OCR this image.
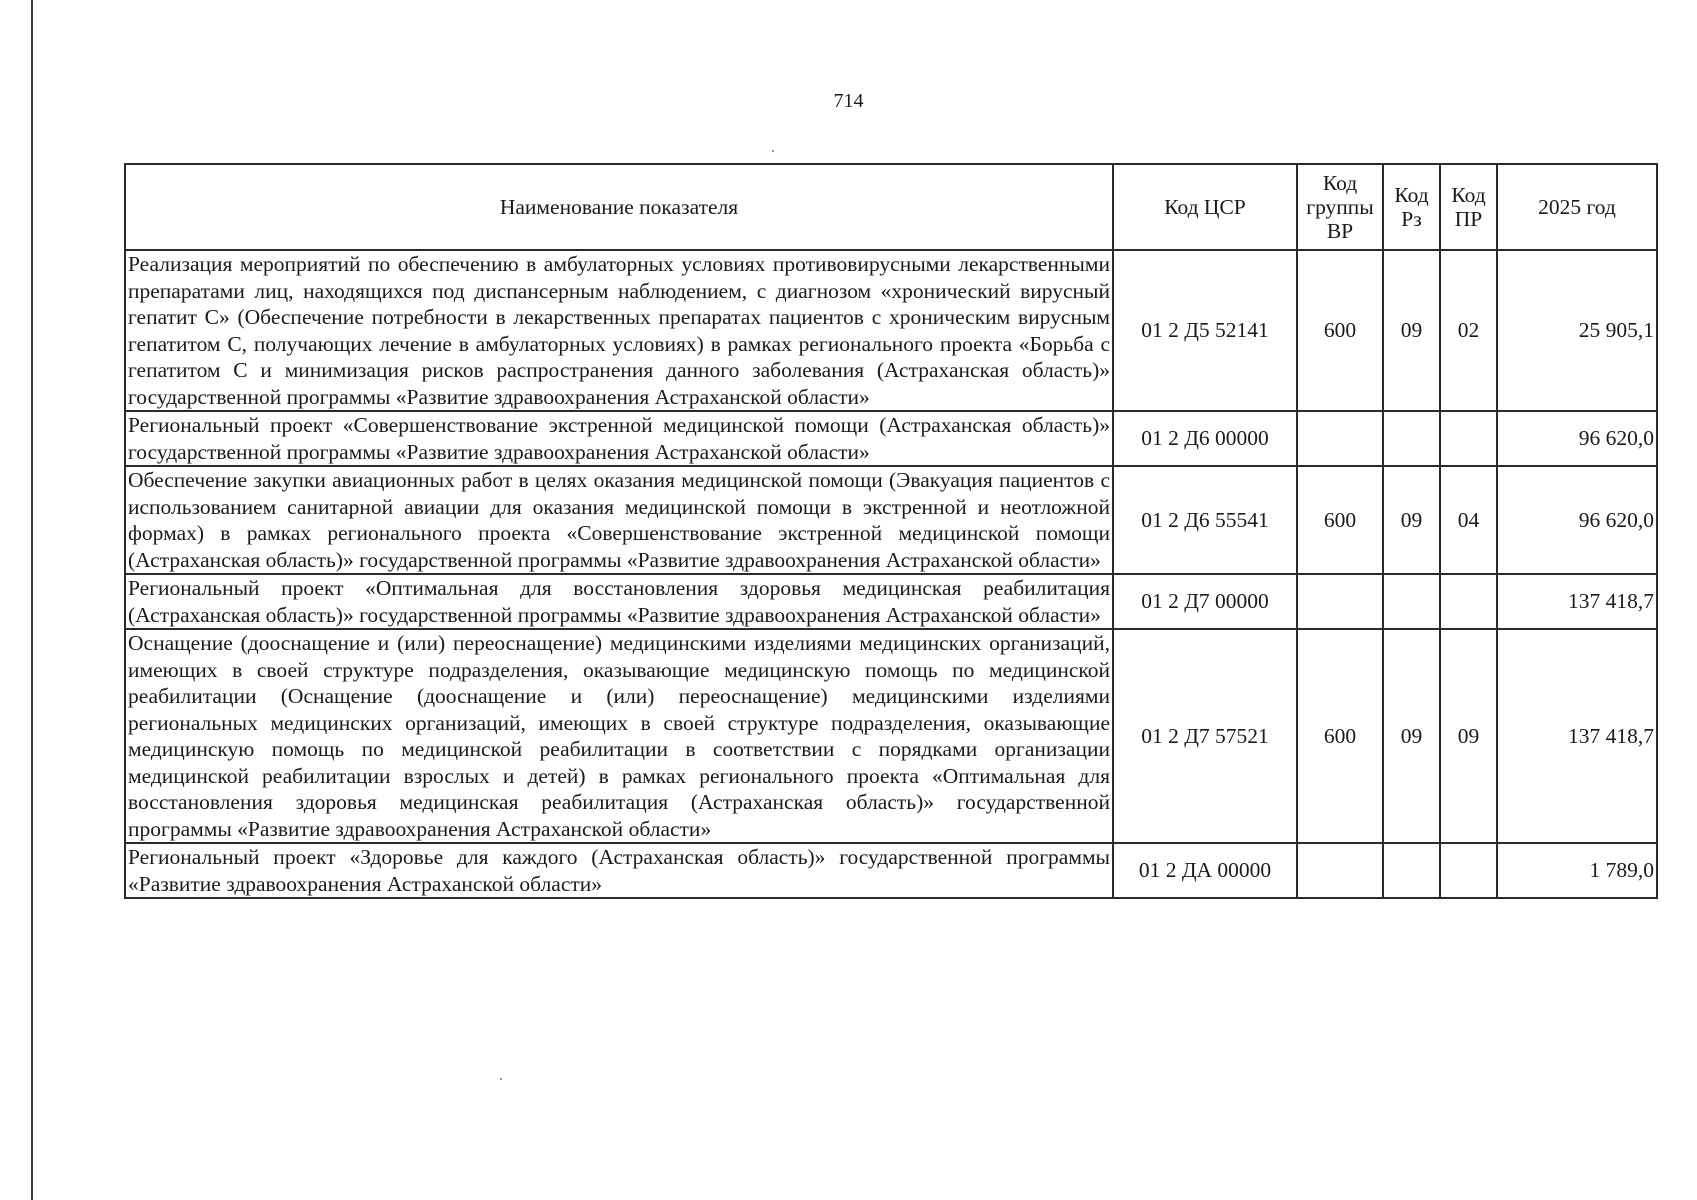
714
Наименование показателя	Код ЦСР	Код группы ВР	Код Рз	Код ПР	2025 год
Реализация мероприятий по обеспечению в амбулаторных условиях противовирусными лекарственными препаратами лиц, находящихся под диспансерным наблюдением, с диагнозом «хронический вирусный гепатит С» (Обеспечение потребности в лекарственных препаратах пациентов с хроническим вирусным гепатитом С, получающих лечение в амбулаторных условиях) в рамках регионального проекта «Борьба с гепатитом С и минимизация рисков распространения данного заболевания (Астраханская область)» государственной программы «Развитие здравоохранения Астраханской области»	01 2 Д5 52141	600	09	02	25 905,1
Региональный проект «Совершенствование экстренной медицинской помощи (Астраханская область)» государственной программы «Развитие здравоохранения Астраханской области»	01 2 Д6 00000				96 620,0
Обеспечение закупки авиационных работ в целях оказания медицинской помощи (Эвакуация пациентов с использованием санитарной авиации для оказания медицинской помощи в экстренной и неотложной формах) в рамках регионального проекта «Совершенствование экстренной медицинской помощи (Астраханская область)» государственной программы «Развитие здравоохранения Астраханской области»	01 2 Д6 55541	600	09	04	96 620,0
Региональный проект «Оптимальная для восстановления здоровья медицинская реабилитация (Астраханская область)» государственной программы «Развитие здравоохранения Астраханской области»	01 2 Д7 00000				137 418,7
Оснащение (дооснащение и (или) переоснащение) медицинскими изделиями медицинских организаций, имеющих в своей структуре подразделения, оказывающие медицинскую помощь по медицинской реабилитации (Оснащение (дооснащение и (или) переоснащение) медицинскими изделиями региональных медицинских организаций, имеющих в своей структуре подразделения, оказывающие медицинскую помощь по медицинской реабилитации в соответствии с порядками организации медицинской реабилитации взрослых и детей) в рамках регионального проекта «Оптимальная для восстановления здоровья медицинская реабилитация (Астраханская область)» государственной программы «Развитие здравоохранения Астраханской области»	01 2 Д7 57521	600	09	09	137 418,7
Региональный проект «Здоровье для каждого (Астраханская область)» государственной программы «Развитие здравоохранения Астраханской области»	01 2 ДА 00000				1 789,0
